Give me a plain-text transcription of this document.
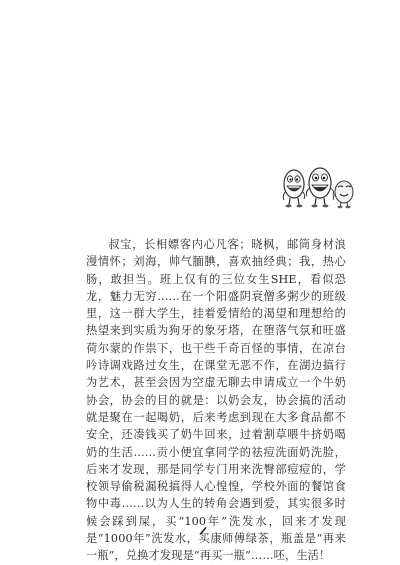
叔宝，长相嫖客内心凡客；晓枫，邮筒身材浪漫情怀；刘海，帅气腼腆，喜欢抽经典；我，热心肠，敢担当。班上仅有的三位女生SHE，看似恐龙，魅力无穷……在一个阳盛阴衰僧多粥少的班级里，这一群大学生，挂着爱情给的渴望和理想给的热望来到实质为狗牙的象牙塔，在堕落气氛和旺盛荷尔蒙的作祟下，也干些千奇百怪的事情，在凉台吟诗调戏路过女生，在课堂无恶不作，在湖边搞行为艺术，甚至会因为空虚无聊去申请成立一个牛奶协会，协会的目的就是：以奶会友，协会搞的活动就是聚在一起喝奶，后来考虑到现在大多食品都不安全，还凑钱买了奶牛回来，过着割草喂牛挤奶喝奶的生活……贡小便宜拿同学的祛痘洗面奶洗脸，后来才发现，那是同学专门用来洗臀部痘痘的，学校领导偷税漏税搞得人心惶惶，学校外面的餐馆食物中毒……以为人生的转角会遇到爱，其实很多时候会踩到屎，买“100年”洗发水，回来才发现是“1000年”洗发水，买康师傅绿茶，瓶盖是“再来一瓶”，兑换才发现是“再买一瓶”……呸，生活！
